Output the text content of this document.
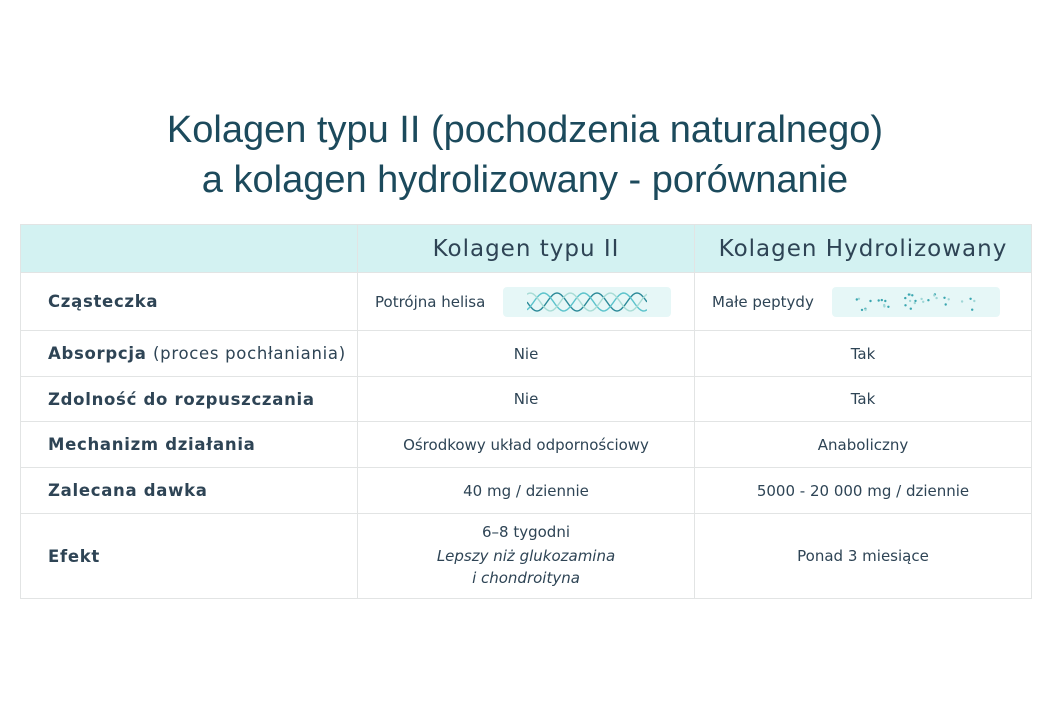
Kolagen typu II (pochodzenia naturalnego)
a kolagen hydrolizowany - porównanie
	Kolagen typu II	Kolagen Hydrolizowany
Cząsteczka	Potrójna helisa	Małe peptydy

Absorpcja (proces pochłaniania)	Nie	Tak
Zdolność do rozpuszczania	Nie	Tak
Mechanizm działania	Ośrodkowy układ odpornościowy	Anaboliczny
Zalecana dawka	40 mg / dziennie	5000 - 20 000 mg / dziennie
Efekt	6–8 tygodni
Lepszy niż glukozamina
i chondroityna	Ponad 3 miesiące
